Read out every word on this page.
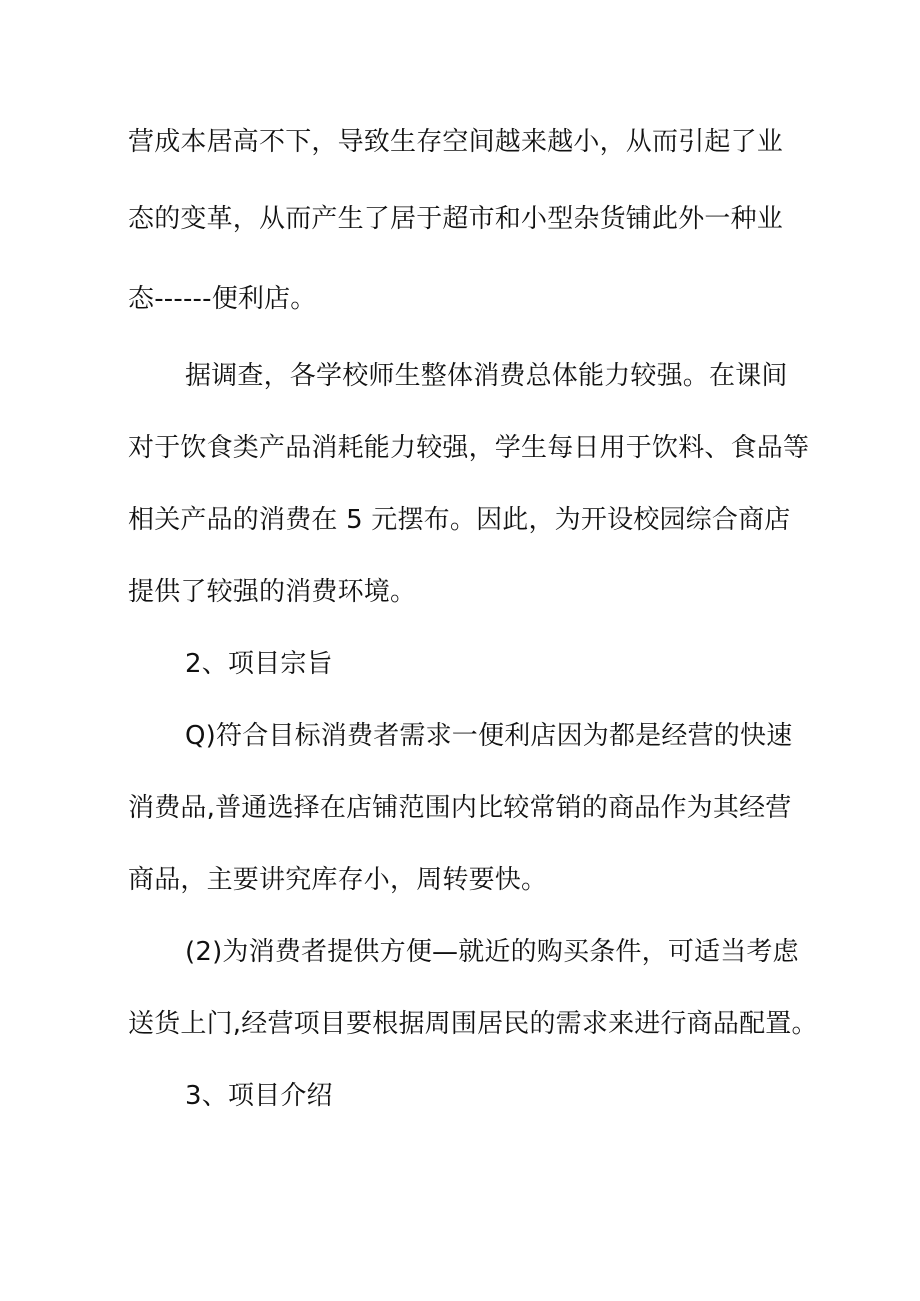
营成本居高不下，导致生存空间越来越小，从而引起了业
态的变革，从而产生了居于超市和小型杂货铺此外一种业
态------便利店。
据调查，各学校师生整体消费总体能力较强。在课间
对于饮食类产品消耗能力较强，学生每日用于饮料、食品等
相关产品的消费在 5 元摆布。因此，为开设校园综合商店
提供了较强的消费环境。
2、项目宗旨
Q)符合目标消费者需求一便利店因为都是经营的快速
消费品,普通选择在店铺范围内比较常销的商品作为其经营
商品，主要讲究库存小，周转要快。
(2)为消费者提供方便—就近的购买条件，可适当考虑
送货上门,经营项目要根据周围居民的需求来进行商品配置。
3、项目介绍
